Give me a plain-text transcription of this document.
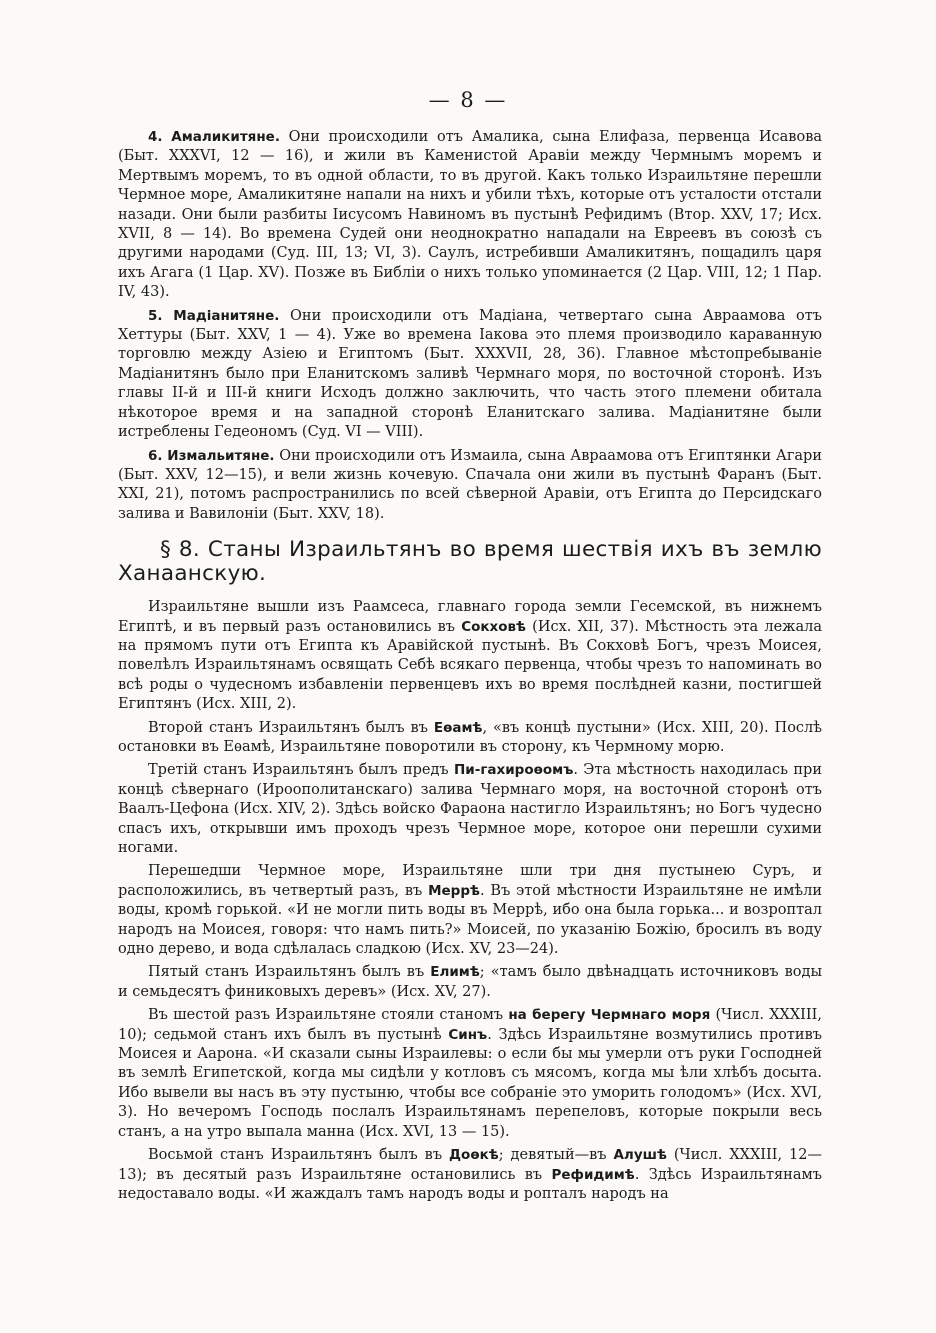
— 8 —

4. Амаликитяне. Они происходили отъ Амалика, сына Елифаза, первенца Исавова (Быт. XXXVI, 12 — 16), и жили въ Каменистой Аравіи между Чермнымъ моремъ и Мертвымъ моремъ, то въ одной области, то въ другой. Какъ только Израильтяне перешли Чермное море, Амаликитяне напали на нихъ и убили тѣхъ, которые отъ усталости отстали назади. Они были разбиты Іисусомъ Навиномъ въ пустынѣ Рефидимъ (Втор. XXV, 17; Исх. XVII, 8 — 14). Во времена Судей они неоднократно нападали на Евреевъ въ союзѣ съ другими народами (Суд. III, 13; VI, 3). Саулъ, истребивши Амаликитянъ, пощадилъ царя ихъ Агага (1 Цар. XV). Позже въ Библіи о нихъ только упоминается (2 Цар. VIII, 12; 1 Пар. IV, 43).

5. Мадіанитяне. Они происходили отъ Мадіана, четвертаго сына Авраамова отъ Хеттуры (Быт. XXV, 1 — 4). Уже во времена Іакова это племя производило караванную торговлю между Азіею и Египтомъ (Быт. XXXVII, 28, 36). Главное мѣстопребываніе Мадіанитянъ было при Еланитскомъ заливѣ Чермнаго моря, по восточной сторонѣ. Изъ главы II-й и III-й книги Исходъ должно заключить, что часть этого племени обитала нѣкоторое время и на западной сторонѣ Еланитскаго залива. Мадіанитяне были истреблены Гедеономъ (Суд. VI — VIII).

6. Измальитяне. Они происходили отъ Измаила, сына Авраамова отъ Египтянки Агари (Быт. XXV, 12—15), и вели жизнь кочевую. Спачала они жили въ пустынѣ Фаранъ (Быт. XXI, 21), потомъ распространились по всей сѣверной Аравіи, отъ Египта до Персидскаго залива и Вавилоніи (Быт. XXV, 18).

§ 8. Станы Израильтянъ во время шествія ихъ въ землю Ханаанскую.

Израильтяне вышли изъ Раамсеса, главнаго города земли Гесемской, въ нижнемъ Египтѣ, и въ первый разъ остановились въ Сокховѣ (Исх. XII, 37). Мѣстность эта лежала на прямомъ пути отъ Египта къ Аравійской пустынѣ. Въ Сокховѣ Богъ, чрезъ Моисея, повелѣлъ Израильтянамъ освящать Себѣ всякаго первенца, чтобы чрезъ то напоминать во всѣ роды о чудесномъ избавленіи первенцевъ ихъ во время послѣдней казни, постигшей Египтянъ (Исх. XIII, 2).

Второй станъ Израильтянъ былъ въ Еѳамѣ, «въ концѣ пустыни» (Исх. XIII, 20). Послѣ остановки въ Еѳамѣ, Израильтяне поворотили въ сторону, къ Чермному морю.

Третій станъ Израильтянъ былъ предъ Пи-гахироѳомъ. Эта мѣстность находилась при концѣ сѣвернаго (Ироополитанскаго) залива Чермнаго моря, на восточной сторонѣ отъ Ваалъ-Цефона (Исх. XIV, 2). Здѣсь войско Фараона настигло Израильтянъ; но Богъ чудесно спасъ ихъ, открывши имъ проходъ чрезъ Чермное море, которое они перешли сухими ногами.

Перешедши Чермное море, Израильтяне шли три дня пустынею Суръ, и расположились, въ четвертый разъ, въ Меррѣ. Въ этой мѣстности Израильтяне не имѣли воды, кромѣ горькой. «И не могли пить воды въ Меррѣ, ибо она была горька... и возроптал народъ на Моисея, говоря: что намъ пить?» Моисей, по указанію Божію, бросилъ въ воду одно дерево, и вода сдѣлалась сладкою (Исх. XV, 23—24).

Пятый станъ Израильтянъ былъ въ Елимѣ; «тамъ было двѣнадцать источниковъ воды и семьдесятъ финиковыхъ деревъ» (Исх. XV, 27).

Въ шестой разъ Израильтяне стояли станомъ на берегу Чермнаго моря (Числ. XXXIII, 10); седьмой станъ ихъ былъ въ пустынѣ Синъ. Здѣсь Израильтяне возмутились противъ Моисея и Аарона. «И сказали сыны Израилевы: о если бы мы умерли отъ руки Господней въ землѣ Египетской, когда мы сидѣли у котловъ съ мясомъ, когда мы ѣли хлѣбъ досыта. Ибо вывели вы насъ въ эту пустыню, чтобы все собраніе это уморить голодомъ» (Исх. XVI, 3). Но вечеромъ Господь послалъ Израильтянамъ перепеловъ, которые покрыли весь станъ, а на утро выпала манна (Исх. XVI, 13 — 15).

Восьмой станъ Израильтянъ былъ въ Доѳкѣ; девятый—въ Алушѣ (Числ. XXXIII, 12—13); въ десятый разъ Израильтяне остановились въ Рефидимѣ. Здѣсь Израильтянамъ недоставало воды. «И жаждалъ тамъ народъ воды и ропталъ народъ на
